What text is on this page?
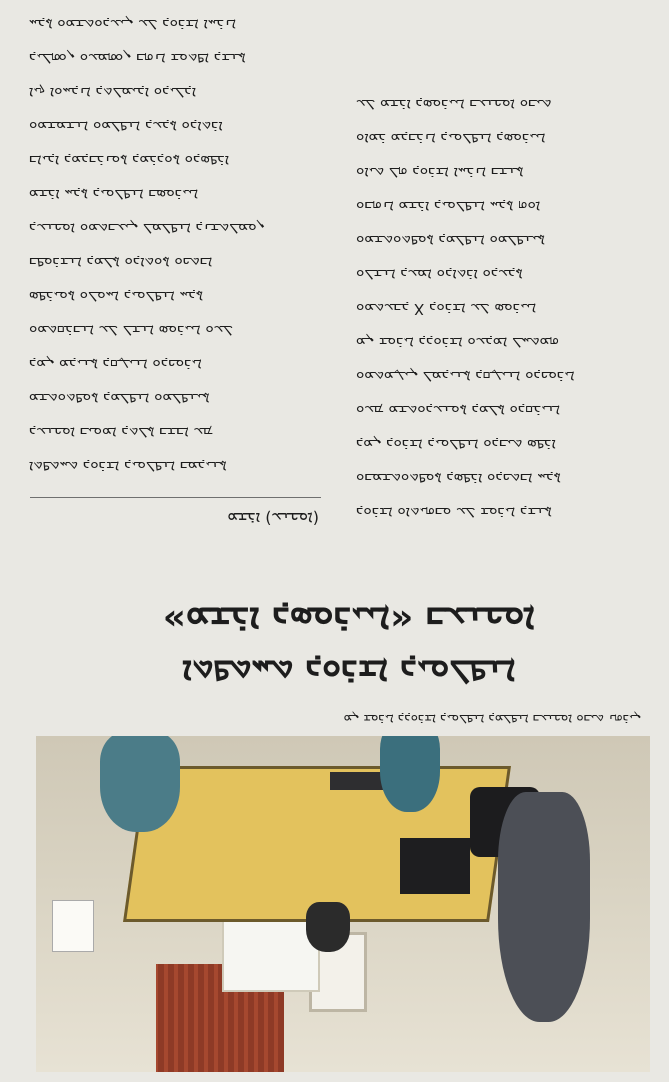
ܡܢ ܫܘܪܝܐ ܕܕܘܪܫܐ ܕܝܘܠܦܢܐ ܕܡܠܦܢܐ ܒܥܢܟܘܐ ܘܒܝܬ ܢܗܪܝܢ
ܐܬܦܬܚܬ ܕܘܪܫܐ ܕܝܘܠܦܢܐ
«ܡܫܪܐ ܕܣܘܪܝܝܐ» ܒܥܢܟܘܐ
ܡܫܪܐ (ܥܢܟܘܐ)
ܐܬܦܬܚܬ ܕܘܪܫܐ ܕܝܘܠܦܢܐ ܒܡܕܝܢܬܐ
ܕܥܢܟܘܐ ܒܝܘܡܐ ܕܬܠܬܐ ܒܫܒܐ ܥܡ
ܡܫܬܘܬܦܘܬܐ ܕܡܠܦܢܐ ܘܡܠܦܢܝܬܐ
ܕܡܢ ܡܕܝܢܬܐ ܕܩܛܝܢܐ ܘܕܟܘܪܝܐ
ܘܡܬܩܪܒܢܐ ܥܠ ܠܫܢܐ ܣܘܪܝܝܐ ܘܥܠ
ܣܦܪܝܘܬܐ ܘܠܘܚܐ ܕܝܘܠܦܢܐ ܚܕܬܐ
ܒܦܘܪܫܢܐ ܕܡܠܬܐ ܘܕܐܬܘܬܐ ܘܟܬܒܐ
ܕܥܢܟܘܐ ܘܡܬܒܥܝܢ ܠܡܠܦܢܐ ܕܢܫܬܠܡܘܢ
ܡܫܪܐ ܚܕܬܐ ܕܝܘܠܦܢܐ ܒܣܘܪܝܝܐ
ܒܐܝܕܐ ܕܡܕܒܪܢܘܬܐ ܕܡܪܕܘܬܐ ܘܕܣܦܪܐ
ܘܡܫܡܫܢܐ ܘܡܠܦܢܐ ܕܥܕܬܐ ܘܕܐܬܪܐ
ܐܝܟ ܐܘܚܕܢܐ ܕܬܠܡܝܕܐ ܘܕܝܠܕܐ
ܕܝܠܗܘܢ ܘܥܡܗܘܢ ܒܗܢܐ ܫܘܬܦܐ ܕܫܢܬܐ
ܚܕܬܐ ܘܡܫܬܘܕܥܝܢ ܥܠ ܕܘܪܫܐ ܐܚܪܢܐ
ܕܘܪܫܐ ܘܐܬܝܗܒܘ ܥܠ ܫܘܪܝܐ ܕܫܢܬܐ
ܘܒܡܫܬܘܬܦܘܬܐ ܕܣܦܪܐ ܘܕܟܬܒܐ ܚܕܬܐ
ܕܡܢ ܕܘܪܫܐ ܕܝܘܠܦܢܐ ܘܕܒܝܬ ܣܦܪܐ
ܘܥܡ ܡܫܬܘܕܥܢܘܬܐ ܕܡܠܬܐ ܘܕܩܪܝܢܐ
ܘܡܬܡܛܝܢ ܠܡܕܝܢܬܐ ܕܩܛܝܢܐ ܘܕܟܘܪܝܐ
ܡܢ ܫܘܪܝܐ ܕܕܘܪܫܐ ܘܥܕܡܐ ܠܚܬܡܗ
ܘܡܬܥܒܕ X ܕܘܪܫܐ ܥܠ ܣܘܪܝܝܐ
ܘܠܫܢܐ ܕܥܡܐ ܘܕܐܬܪܐ ܘܕܥܕܬܐ
ܘܡܫܬܘܬܦܘܬܐ ܕܡܠܦܢܐ ܘܡܠܦܢܝܬܐ
ܘܒܗܢܐ ܡܫܪܐ ܕܝܘܠܦܢܐ ܚܕܬܐ ܗܘܐ
ܘܐܝܬ ܠܗ ܕܘܪܫܐ ܐܚܪܢܐ ܒܫܢܬܐ
ܘܐܡܪ ܡܕܒܪܢܐ ܕܝܘܠܦܢܐ ܕܣܘܪܝܝܐ
ܥܠ ܡܫܪܐ ܕܣܘܪܝܝܐ ܒܥܢܟܘܐ ܘܒܝܬ
